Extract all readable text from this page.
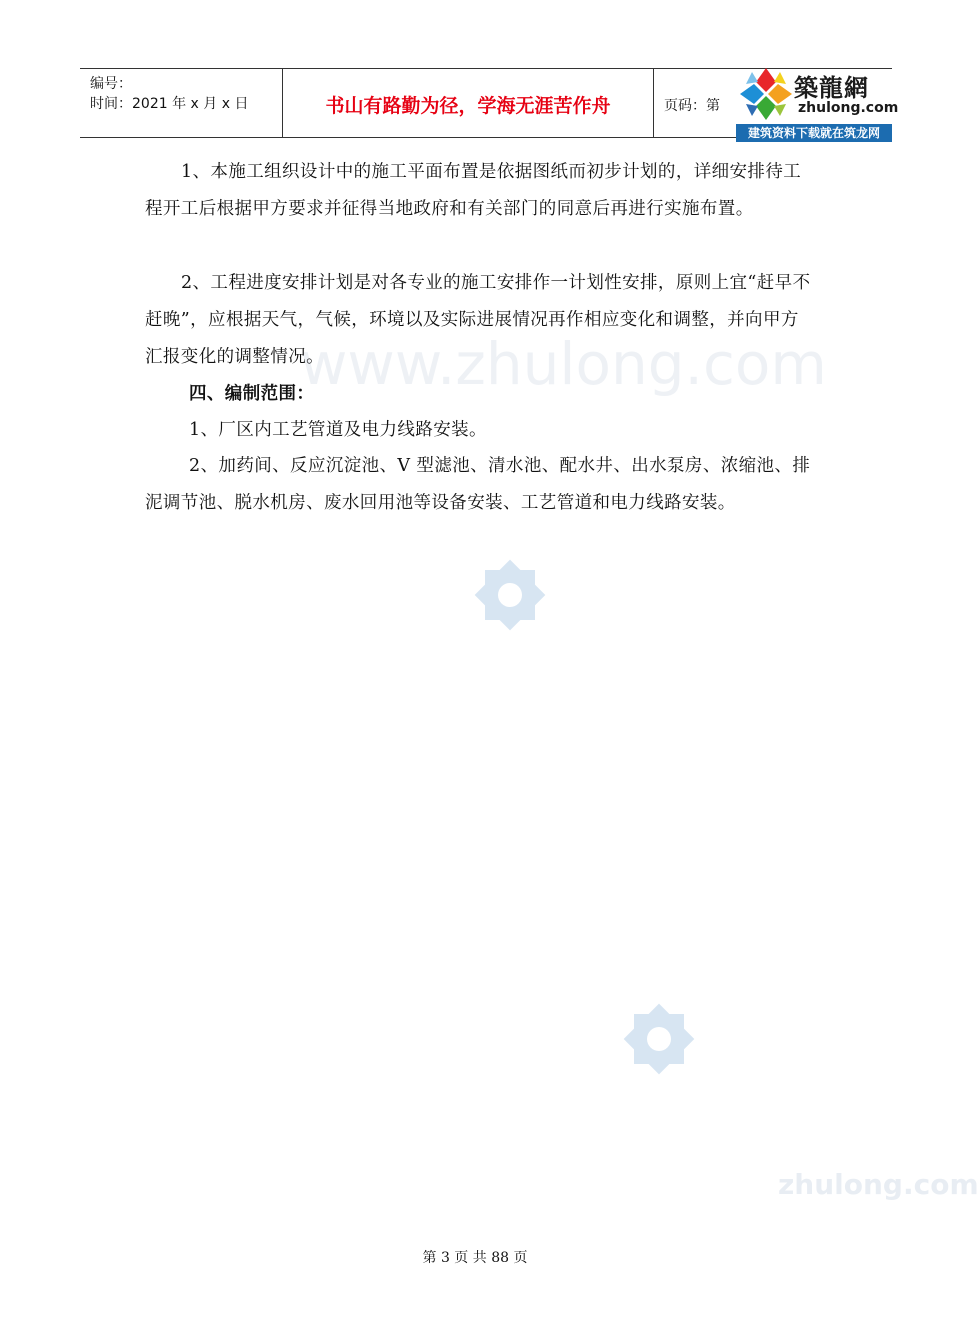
www.zhulong.com
zhulong.com
编号：
时间：2021 年 x 月 x 日	书山有路勤为径，学海无涯苦作舟	页码：第
築龍網
zhulong.com
建筑资料下载就在筑龙网
1、本施工组织设计中的施工平面布置是依据图纸而初步计划的，详细安排待工程开工后根据甲方要求并征得当地政府和有关部门的同意后再进行实施布置。
2、工程进度安排计划是对各专业的施工安排作一计划性安排，原则上宜“赶早不赶晚”，应根据天气，气候，环境以及实际进展情况再作相应变化和调整，并向甲方汇报变化的调整情况。
四、编制范围：
1、厂区内工艺管道及电力线路安装。
2、加药间、反应沉淀池、V 型滤池、清水池、配水井、出水泵房、浓缩池、排泥调节池、脱水机房、废水回用池等设备安装、工艺管道和电力线路安装。
第 3 页 共 88 页
